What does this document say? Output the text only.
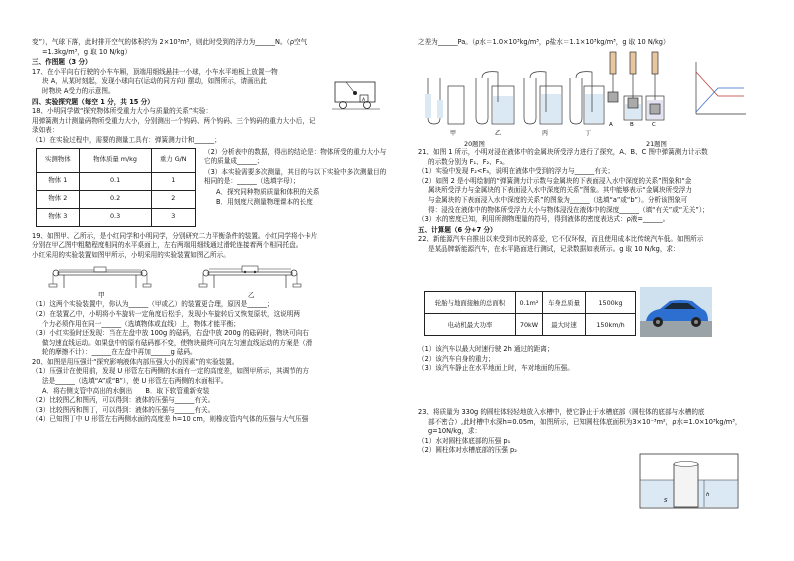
变”），气球下落，此时排开空气的体积约为 2×10³m³，则此时受到的浮力为______N。（ρ空气
=1.3kg/m³，g 取 10 N/kg）
三、作图题（3 分）
17、在小平向右行驶的小车车厢，顶端用细线悬挂一小球，小车水平地板上放置一物
块 A，从某时刻起，发现小球向右(运动的同方向) 摆动，如图所示，请画出此
时物块 A受力的示意图。
四、实验探究题（每空 1 分，共 15 分）
18、小明同学做“探究物体所受重力大小与质量的关系”实验：
用弹簧测力计测量码物所受重力大小，分别测出一个钩码、两个钩码、三个钩码的重力大小后，记
录如表：
（1）在实验过程中，需要的测量工具有：弹簧测力计和______；
实测物体	物体质量 m/kg	重力 G/N
物体 1	0.1	1
物体 2	0.2	2
物体 3	0.3	3
（2）分析表中的数据，得出的结论是：物体所受的重力大小与它的质量成______；
（3）本实验需要多次测量，其目的与以下实验中多次测量目的相同的是：______（选填字母）；
A．探究同种物质质量和体积的关系
B．用刻度尺测量物理课本的长度
19、如图甲、乙所示，是小红同学和小明同学，分别研究二力平衡条件的装置。小红同学将小卡片
分别在甲乙图中粗糙程度相同的水平桌面上，左右两端用细线通过滑轮连接着两个相同托盘。
小红采用的实验装置如图甲所示，小明采用的实验装置如图乙所示。
甲	乙
（1）这两个实验装置中，你认为______（甲或乙）的装置更合理，原因是______；
（2）在装置乙中，小明将小车旋转一定角度后松手，发现小车旋转后又恢复原状，这说明两
个力必须作用在同一______（选填物体或直线）上，物体才能平衡；
（3）小红实验时还发现：当在左盘中放 100g 的砝码，右盘中放 200g 的砝码时，物块可向右
做匀速直线运动。如果盘中的原有砝码都不变，使物块最终可向左匀速直线运动的方案是（滑
轮的摩擦不计）：______在左盘中再加______g 砝码。
20、如图是用压强计“探究影响液体内部压强大小的因素”的实验装置。
（1）压强计在使用前，发现 U 形管左右两侧的水面有一定的高度差，如图甲所示，其调节的方
法是______（选填“A”或“B”），使 U 形管左右两侧的水面相平。
A．将右侧支管中高出的水倒出　　B．取下软管重新安装
（2）比较图乙和图丙，可以得到：液体的压强与______有关。
（3）比较图丙和图丁，可以得到：液体的压强与______有关。
（4）已知图丁中 U 形管左右两侧水面的高度差 h=10 cm，则橡皮管内气体的压强与大气压强
A
之差为______Pa。（ρ水＝1.0×10³kg/m³，ρ盐水＝1.1×10³kg/m³，g 取 10 N/kg）
甲	乙	丙	丁
20题图
A	B	C
21题图
21、如图 1 所示，小明对浸在液体中的金属块所受浮力进行了探究，A、B、C 图中弹簧测力计示数
的示数分别为 F₁、F₂、F₃。
（1）实验中发现 F₂<F₃，说明在液体中受到的浮力与______有关；
（2）如图 2 是小明绘制的“弹簧测力计示数与金属块的下表面浸入水中深度的关系”图象和“金
属块所受浮力与金属块的下表面浸入水中深度的关系”图象。其中能够表示“金属块所受浮力
与金属块的下表面浸入水中深度的关系”的图象为______（选填“a”或“b”）。分析该图象可
得：浸没在液体中的物体所受浮力大小与物体浸没在液体中的深度______（填“有关”或“无关”）；
（3）水的密度已知，利用所测物理量的符号，得到液体的密度表达式：ρ液=______。
五、计算题（6 分+7 分）
22、新能源汽车自推出以来受到市民的喜爱，它不仅环保，而且使用成本比传统汽车低。如图所示
是某品牌新能源汽车，在水平路面进行测试，记录数据如表所示。g 取 10 N/kg，求：
轮胎与地面接触的总面积	0.1m²	车身总质量	1500kg
电动机最大功率	70kW	最大时速	150km/h
（1）该汽车以最大时速行驶 2h 通过的距离；
（2）该汽车自身的重力；
（3）该汽车静止在水平地面上时，车对地面的压强。
23、将质量为 330g 的圆柱体轻轻地放入水槽中，使它静止于水槽底部（圆柱体的底部与水槽的底
部不密合）,此时槽中水深h=0.05m，如图所示，已知圆柱体底面积为3×10⁻³m²，ρ水=1.0×10³kg/m³，
g=10N/kg，求：
（1）水对圆柱体底部的压强 p₁
（2）圆柱体对水槽底部的压强 p₂
h
S
